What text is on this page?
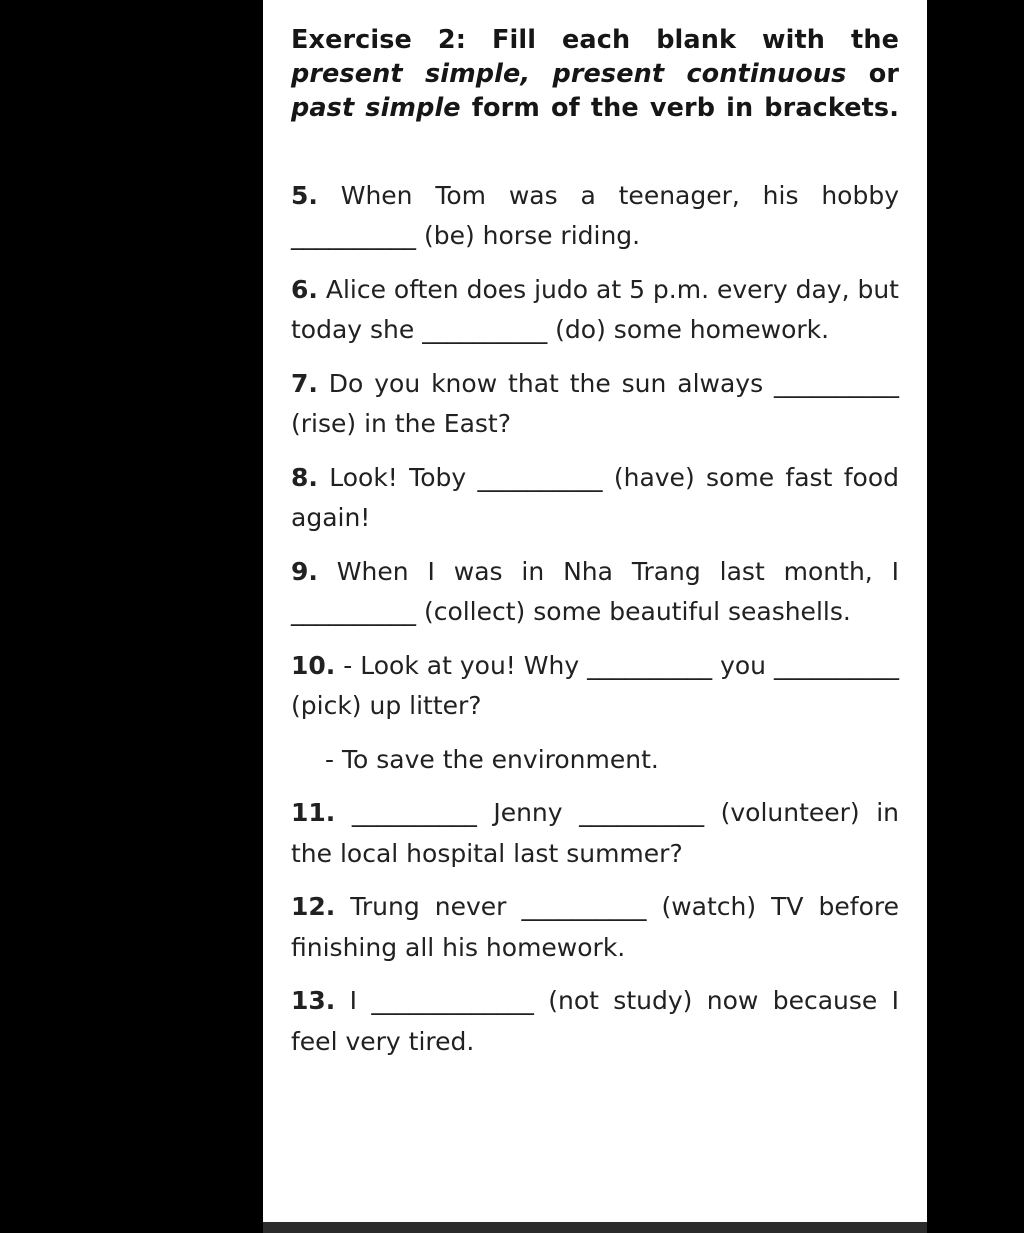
Exercise 2: Fill each blank with the present simple, present continuous or past simple form of the verb in brackets.

5. When Tom was a teenager, his hobby __________ (be) horse riding.

6. Alice often does judo at 5 p.m. every day, but today she __________ (do) some homework.

7. Do you know that the sun always __________ (rise) in the East?

8. Look! Toby __________ (have) some fast food again!

9. When I was in Nha Trang last month, I __________ (collect) some beautiful seashells.

10. - Look at you! Why __________ you __________ (pick) up litter?

- To save the environment.

11. __________ Jenny __________ (volunteer) in the local hospital last summer?

12. Trung never __________ (watch) TV before finishing all his homework.

13. I _____________ (not study) now because I feel very tired.
